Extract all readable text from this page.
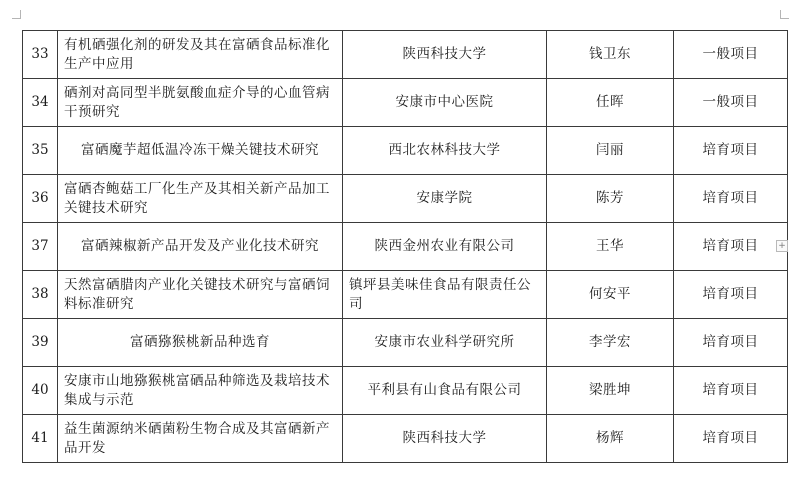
33	有机硒强化剂的研发及其在富硒食品标准化生产中应用	陕西科技大学	钱卫东	一般项目
34	硒剂对高同型半胱氨酸血症介导的心血管病干预研究	安康市中心医院	任晖	一般项目
35	富硒魔芋超低温冷冻干燥关键技术研究	西北农林科技大学	闫丽	培育项目
36	富硒杏鲍菇工厂化生产及其相关新产品加工关键技术研究	安康学院	陈芳	培育项目
37	富硒辣椒新产品开发及产业化技术研究	陕西金州农业有限公司	王华	培育项目
38	天然富硒腊肉产业化关键技术研究与富硒饲料标准研究	镇坪县美味佳食品有限责任公司	何安平	培育项目
39	富硒猕猴桃新品种选育	安康市农业科学研究所	李学宏	培育项目
40	安康市山地猕猴桃富硒品种筛选及栽培技术集成与示范	平利县有山食品有限公司	梁胜坤	培育项目
41	益生菌源纳米硒菌粉生物合成及其富硒新产品开发	陕西科技大学	杨辉	培育项目
+
